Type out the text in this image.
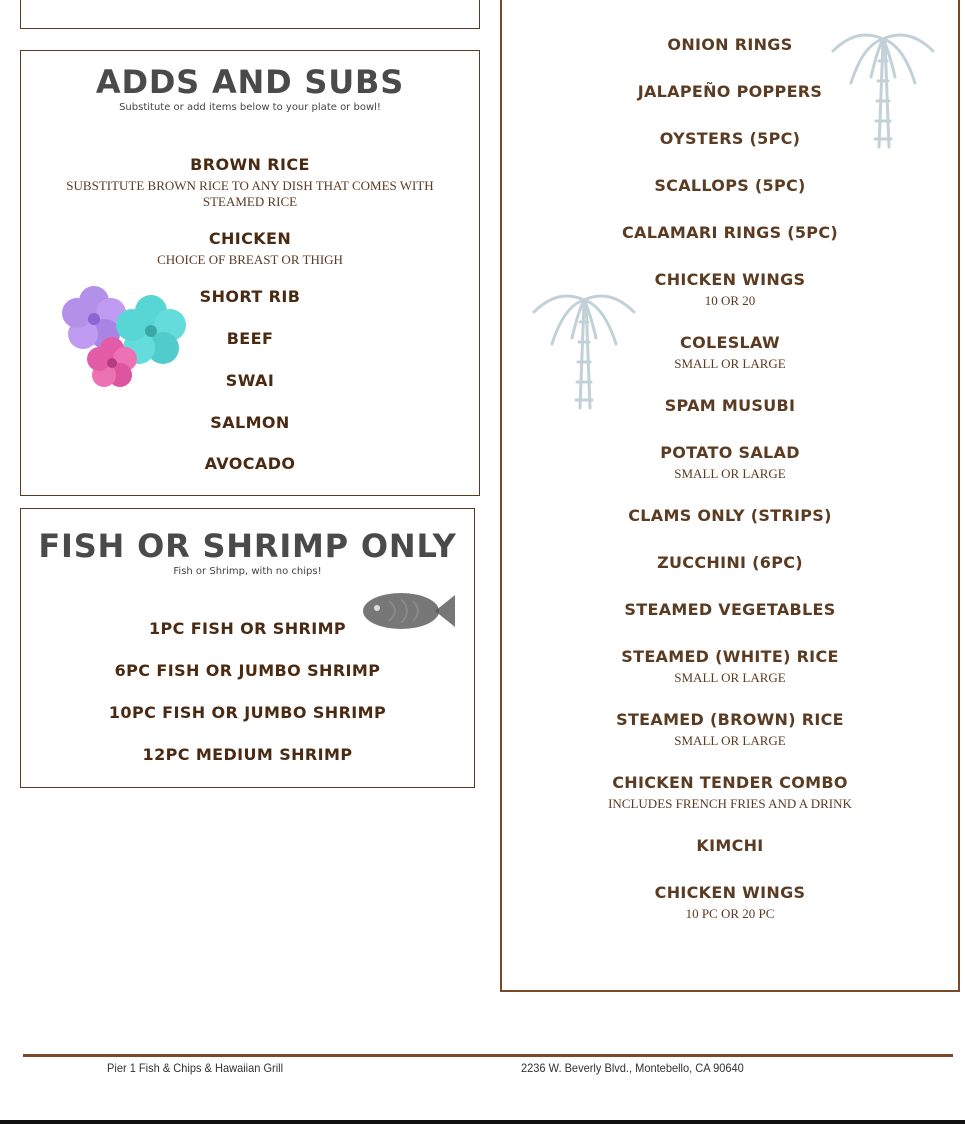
ADDS AND SUBS
Substitute or add items below to your plate or bowl!
BROWN RICE
SUBSTITUTE BROWN RICE TO ANY DISH THAT COMES WITH STEAMED RICE
CHICKEN
CHOICE OF BREAST OR THIGH
SHORT RIB
BEEF
SWAI
SALMON
AVOCADO
FISH OR SHRIMP ONLY
Fish or Shrimp, with no chips!
1PC FISH OR SHRIMP
6PC FISH OR JUMBO SHRIMP
10PC FISH OR JUMBO SHRIMP
12PC MEDIUM SHRIMP
ONION RINGS
JALAPEÑO POPPERS
OYSTERS (5PC)
SCALLOPS (5PC)
CALAMARI RINGS (5PC)
CHICKEN WINGS
10 OR 20
COLESLAW
SMALL OR LARGE
SPAM MUSUBI
POTATO SALAD
SMALL OR LARGE
CLAMS ONLY (STRIPS)
ZUCCHINI (6PC)
STEAMED VEGETABLES
STEAMED (WHITE) RICE
SMALL OR LARGE
STEAMED (BROWN) RICE
SMALL OR LARGE
CHICKEN TENDER COMBO
INCLUDES FRENCH FRIES AND A DRINK
KIMCHI
CHICKEN WINGS
10 PC OR 20 PC
Pier 1 Fish & Chips & Hawaiian Grill	2236 W. Beverly Blvd., Montebello, CA 90640
